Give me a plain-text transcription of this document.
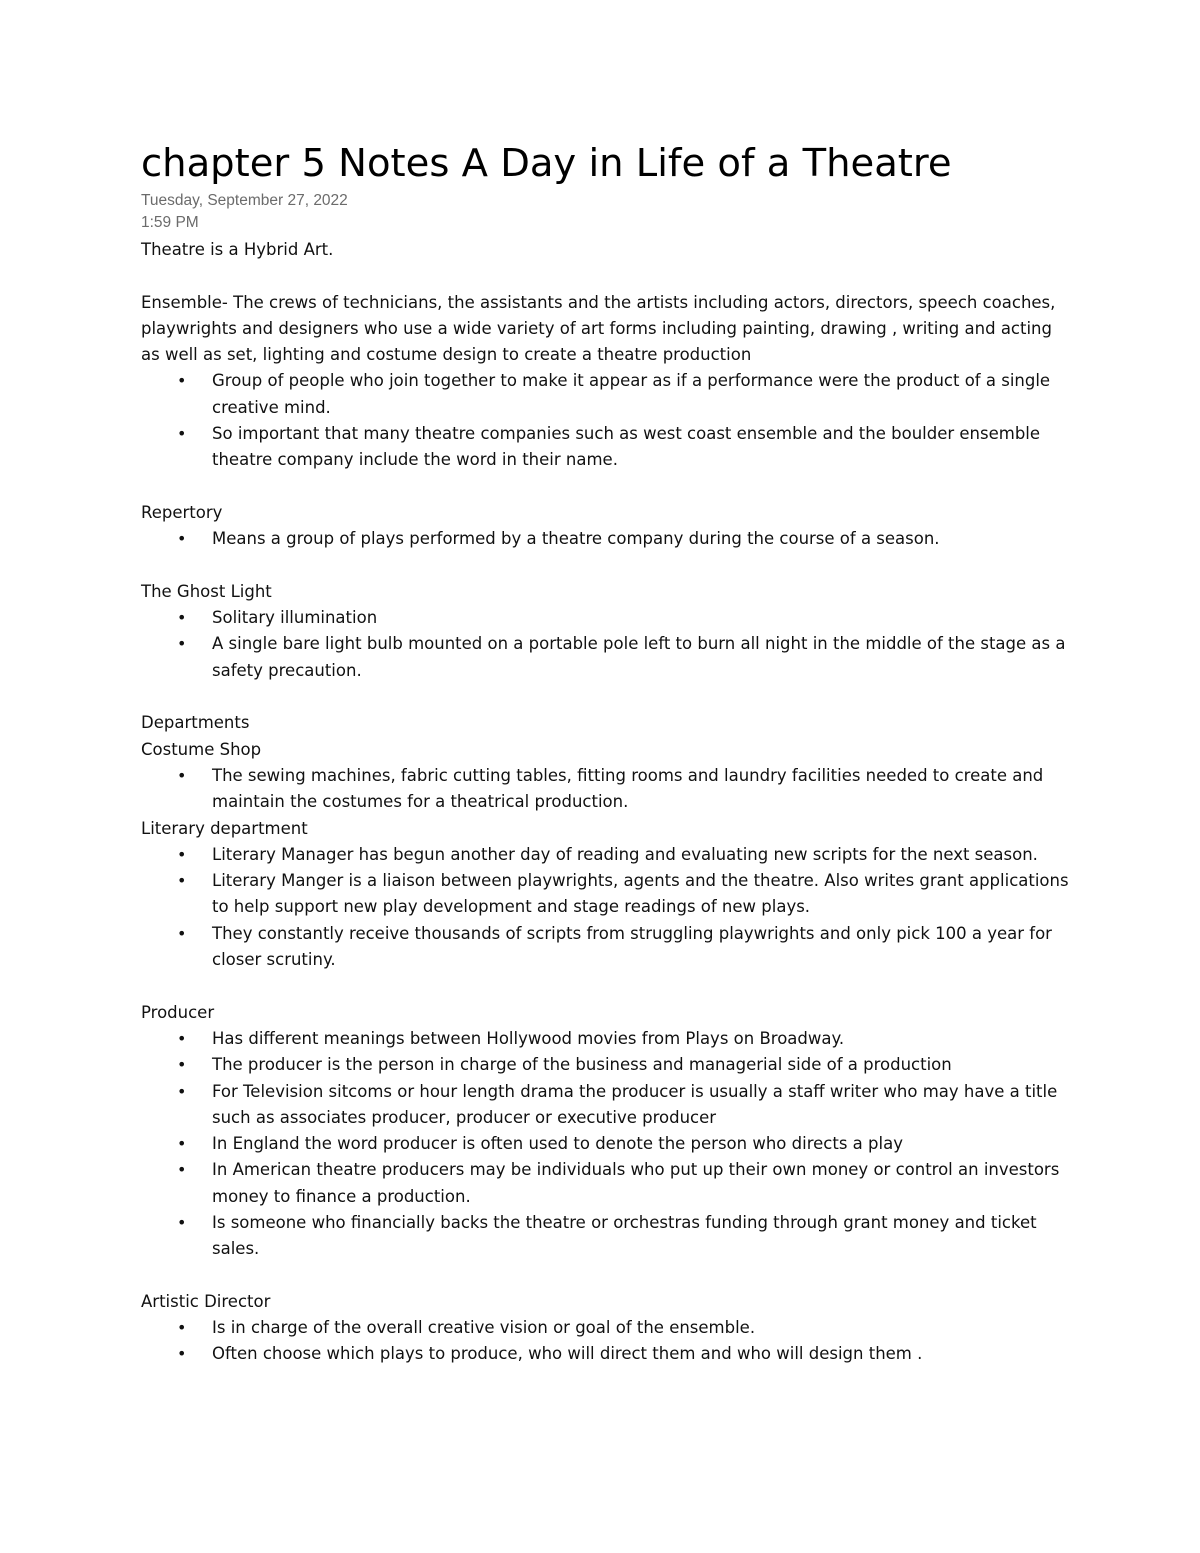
chapter 5 Notes A Day in Life of a Theatre
Tuesday, September 27, 2022
1:59 PM

Theatre is a Hybrid Art.

Ensemble- The crews of technicians, the assistants and the artists including actors, directors, speech coaches, playwrights and designers who use a wide variety of art forms including painting, drawing , writing and acting as well as set, lighting and costume design to create a theatre production

• Group of people who join together to make it appear as if a performance were the product of a single creative mind.
• So important that many theatre companies such as west coast ensemble and the boulder ensemble theatre company include the word in their name.

Repertory

• Means a group of plays performed by a theatre company during the course of a season.

The Ghost Light

• Solitary illumination
• A single bare light bulb mounted on a portable pole left to burn all night in the middle of the stage as a safety precaution.

Departments

Costume Shop

• The sewing machines, fabric cutting tables, fitting rooms and laundry facilities needed to create and maintain the costumes for a theatrical production.

Literary department

• Literary Manager has begun another day of reading and evaluating new scripts for the next season.
• Literary Manger is a liaison between playwrights, agents and the theatre. Also writes grant applications to help support new play development and stage readings of new plays.
• They constantly receive thousands of scripts from struggling playwrights and only pick 100 a year for closer scrutiny.

Producer

• Has different meanings between Hollywood movies from Plays on Broadway.
• The producer is the person in charge of the business and managerial side of a production
• For Television sitcoms or hour length drama the producer is usually a staff writer who may have a title such as associates producer, producer or executive producer
• In England the word producer is often used to denote the person who directs a play
• In American theatre producers may be individuals who put up their own money or control an investors money to finance a production.
• Is someone who financially backs the theatre or orchestras funding through grant money and ticket sales.

Artistic Director

• Is in charge of the overall creative vision or goal of the ensemble.
• Often choose which plays to produce, who will direct them and who will design them .
